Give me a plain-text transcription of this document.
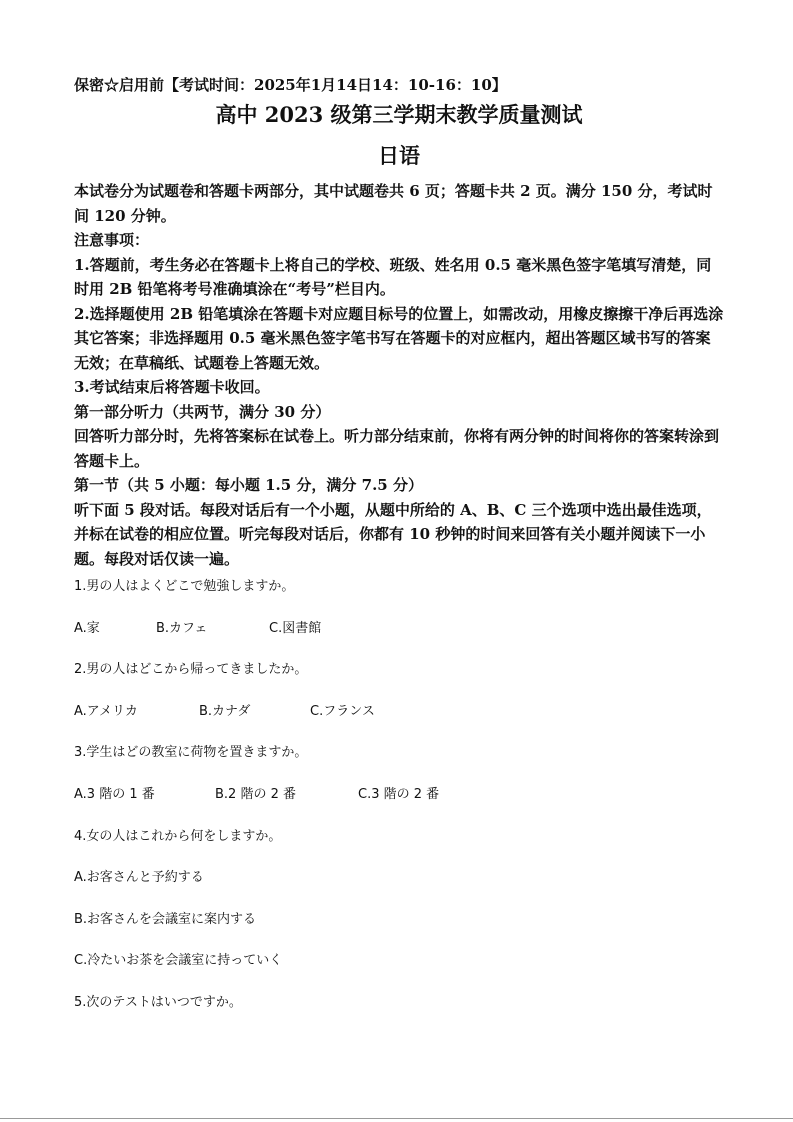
保密☆启用前【考试时间：2025年1月14日14：10-16：10】
高中 2023 级第三学期末教学质量测试
日语

本试卷分为试题卷和答题卡两部分，其中试题卷共 6 页；答题卡共 2 页。满分 150 分，考试时间 120 分钟。

注意事项：

1.答题前，考生务必在答题卡上将自己的学校、班级、姓名用 0.5 毫米黑色签字笔填写清楚，同时用 2B 铅笔将考号准确填涂在“考号”栏目内。

2.选择题使用 2B 铅笔填涂在答题卡对应题目标号的位置上，如需改动，用橡皮擦擦干净后再选涂其它答案；非选择题用 0.5 毫米黑色签字笔书写在答题卡的对应框内，超出答题区域书写的答案无效；在草稿纸、试题卷上答题无效。

3.考试结束后将答题卡收回。

第一部分听力（共两节，满分 30 分）

回答听力部分时，先将答案标在试卷上。听力部分结束前，你将有两分钟的时间将你的答案转涂到答题卡上。

第一节（共 5 小题：每小题 1.5 分，满分 7.5 分）

听下面 5 段对话。每段对话后有一个小题，从题中所给的 A、B、C 三个选项中选出最佳选项，并标在试卷的相应位置。听完每段对话后，你都有 10 秒钟的时间来回答有关小题并阅读下一小题。每段对话仅读一遍。

1.男の人はよくどこで勉強しますか。

A.家	B.カフェ	C.図書館

2.男の人はどこから帰ってきましたか。

A.アメリカ	B.カナダ	C.フランス

3.学生はどの教室に荷物を置きますか。

A.3 階の 1 番	B.2 階の 2 番	C.3 階の 2 番

4.女の人はこれから何をしますか。

A.お客さんと予約する

B.お客さんを会議室に案内する

C.冷たいお茶を会議室に持っていく

5.次のテストはいつですか。
